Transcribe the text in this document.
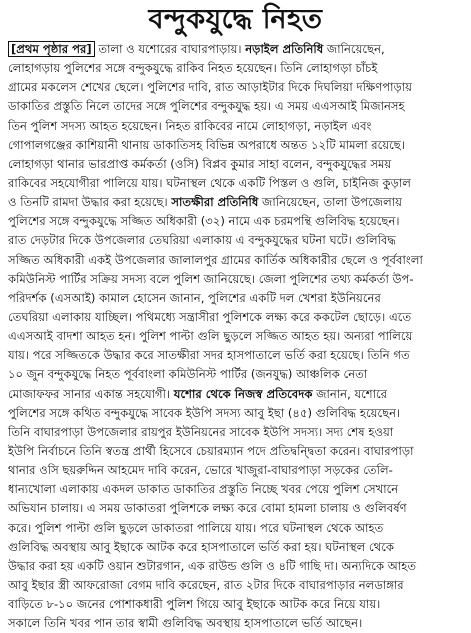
বন্দুকযুদ্ধে নিহত
[প্রথম পৃষ্ঠার পর] তালা ও যশোরের বাঘারপাড়ায়। নড়াইল প্রতিনিধি জানিয়েছেন,
লোহাগড়ায় পুলিশের সঙ্গে বন্দুকযুদ্ধে রাকিব নিহত হয়েছেন। তিনি লোহাগড়া চাঁচই
গ্রামের মকলেস শেখের ছেলে। পুলিশের দাবি, রাত আড়াইটার দিকে দিঘলিয়া দক্ষিণপাড়ায়
ডাকাতির প্রস্তুতি নিলে তাদের সঙ্গে পুলিশের বন্দুকযুদ্ধ হয়। এ সময় এএসআই মিজানসহ
তিন পুলিশ সদস্য আহত হয়েছেন। নিহত রাকিবের নামে লোহাগড়া, নড়াইল এবং
গোপালগঞ্জের কাশিয়ানী থানায় ডাকাতিসহ বিভিন্ন অপরাধে অন্তত ১২টি মামলা রয়েছে।
লোহাগড়া থানার ভারপ্রাপ্ত কর্মকর্তা (ওসি) বিপ্লব কুমার সাহা বলেন, বন্দুকযুদ্ধের সময়
রাকিবের সহযোগীরা পালিয়ে যায়। ঘটনাস্থল থেকে একটি পিস্তল ও গুলি, চাইনিজ কুড়াল
ও তিনটি রামদা উদ্ধার করা হয়েছে। সাতক্ষীরা প্রতিনিধি জানিয়েছেন, তালা উপজেলায়
পুলিশের সঙ্গে বন্দুকযুদ্ধে সজ্জিত অধিকারী (৩২) নামে এক চরমপন্থি গুলিবিদ্ধ হয়েছেন।
রাত দেড়টার দিকে উপজেলার তেঘরিয়া এলাকায় এ বন্দুকযুদ্ধের ঘটনা ঘটে। গুলিবিদ্ধ
সজ্জিত অধিকারী একই উপজেলার জালালপুর গ্রামের কার্তিক অধিকারীর ছেলে ও পূর্ববাংলা
কমিউনিস্ট পার্টির সক্রিয় সদস্য বলে পুলিশ জানিয়েছে। জেলা পুলিশের তথ্য কর্মকর্তা উপ-
পরিদর্শক (এসআই) কামাল হোসেন জানান, পুলিশের একটি দল খেশরা ইউনিয়নের
তেঘরিয়া এলাকায় যাচ্ছিল। পথিমধ্যে সন্ত্রাসীরা পুলিশকে লক্ষ্য করে ককটেল ছোড়ে। এতে
এএসআই বাদশা আহত হন। পুলিশ পাল্টা গুলি ছুড়লে সজ্জিত আহত হয়। অন্যরা পালিয়ে
যায়। পরে সজ্জিতকে উদ্ধার করে সাতক্ষীরা সদর হাসপাতালে ভর্তি করা হয়েছে। তিনি গত
১০ জুন বন্দুকযুদ্ধে নিহত পূর্ববাংলা কমিউনিস্ট পার্টির (জনযুদ্ধ) আঞ্চলিক নেতা
মোজাফফর সানার একান্ত সহযোগী। যশোর থেকে নিজস্ব প্রতিবেদক জানান, যশোরে
পুলিশের সঙ্গে কথিত বন্দুকযুদ্ধে সাবেক ইউপি সদস্য আবু ইছা (৪৫) গুলিবিদ্ধ হয়েছেন।
তিনি বাঘারপাড়া উপজেলার রায়পুর ইউনিয়নের সাবেক ইউপি সদস্য। সদ্য শেষ হওয়া
ইউপি নির্বাচনে তিনি স্বতন্ত্র প্রার্থী হিসেবে চেয়ারম্যান পদে প্রতিদ্বন্দ্বিতা করেন। বাঘারপাড়া
থানার ওসি ছয়রুদ্দিন আহমেদ দাবি করেন, ভোরে খাজুরা-বাঘারপাড়া সড়কের তেলি-
ধান্যখোলা এলাকায় একদল ডাকাত ডাকাতির প্রস্তুতি নিচ্ছে খবর পেয়ে পুলিশ সেখানে
অভিযান চালায়। এ সময় ডাকাতরা পুলিশকে লক্ষ্য করে বোমা হামলা চালায় ও গুলিবর্ষণ
করে। পুলিশ পাল্টা গুলি ছুড়লে ডাকাতরা পালিয়ে যায়। পরে ঘটনাস্থল থেকে আহত
গুলিবিদ্ধ অবস্থায় আবু ইছাকে আটক করে হাসপাতালে ভর্তি করা হয়। ঘটনাস্থল থেকে
উদ্ধার করা হয় একটি ওয়ান শুটারগান, এক রাউন্ড গুলি ও ৪টি গাছি দা। অন্যদিকে আহত
আবু ইছার স্ত্রী আফরোজা বেগম দাবি করেছেন, রাত ২টার দিকে বাঘারপাড়ার নলডাঙ্গার
বাড়িতে ৮-১০ জনের পোশাকধারী পুলিশ গিয়ে আবু ইছাকে আটক করে নিয়ে যায়।
সকালে তিনি খবর পান তার স্বামী গুলিবিদ্ধ অবস্থায় হাসপাতালে ভর্তি আছেন।
